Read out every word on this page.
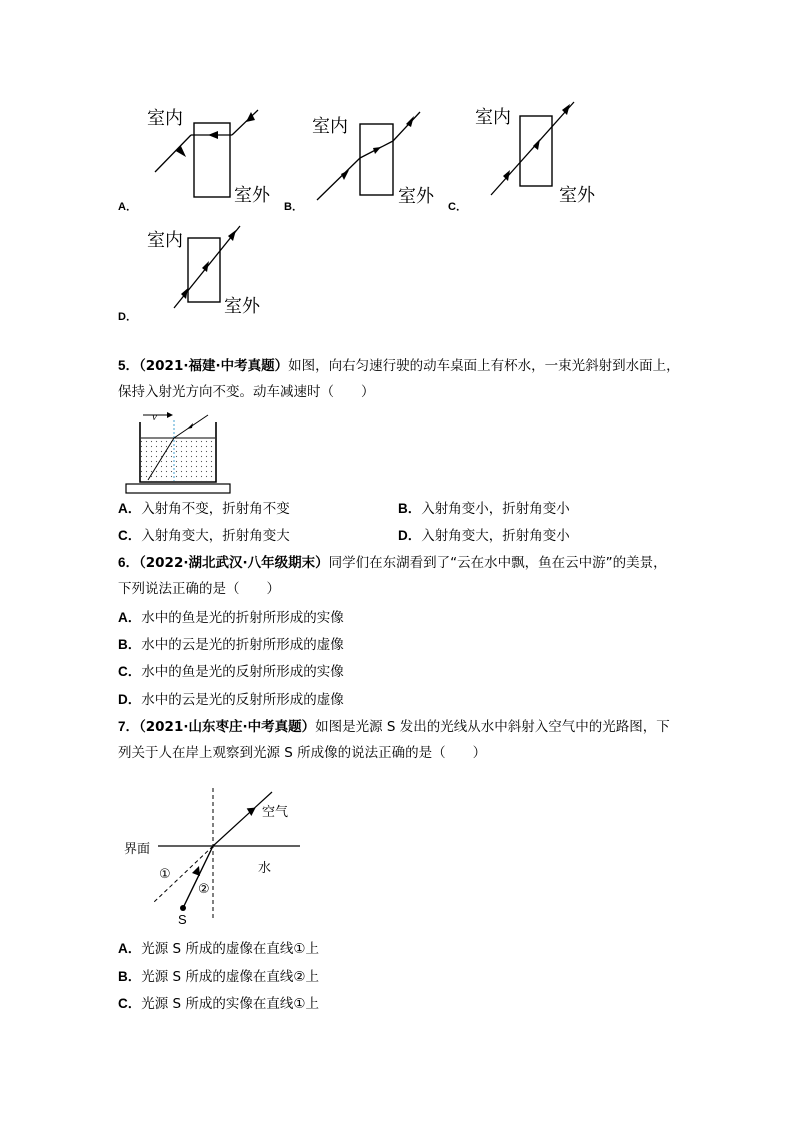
A．
室内
室外
B．
室内
室外 C．
室内
室外
D．
室内
室外
5．（2021·福建·中考真题）如图，向右匀速行驶的动车桌面上有杯水，一束光斜射到水面上，
保持入射光方向不变。动车减速时（　　）
v
A．入射角不变，折射角不变	B．入射角变小，折射角变小
C．入射角变大，折射角变大	D．入射角变大，折射角变小
6．（2022·湖北武汉·八年级期末）同学们在东湖看到了“云在水中飘，鱼在云中游”的美景，
下列说法正确的是（　　）
A．水中的鱼是光的折射所形成的实像
B．水中的云是光的折射所形成的虚像
C．水中的鱼是光的反射所形成的实像
D．水中的云是光的反射所形成的虚像
7．（2021·山东枣庄·中考真题）如图是光源 S 发出的光线从水中斜射入空气中的光路图，下
列关于人在岸上观察到光源 S 所成像的说法正确的是（　　）
空气
界面
水
①
②
S
A．光源 S 所成的虚像在直线①上
B．光源 S 所成的虚像在直线②上
C．光源 S 所成的实像在直线①上
